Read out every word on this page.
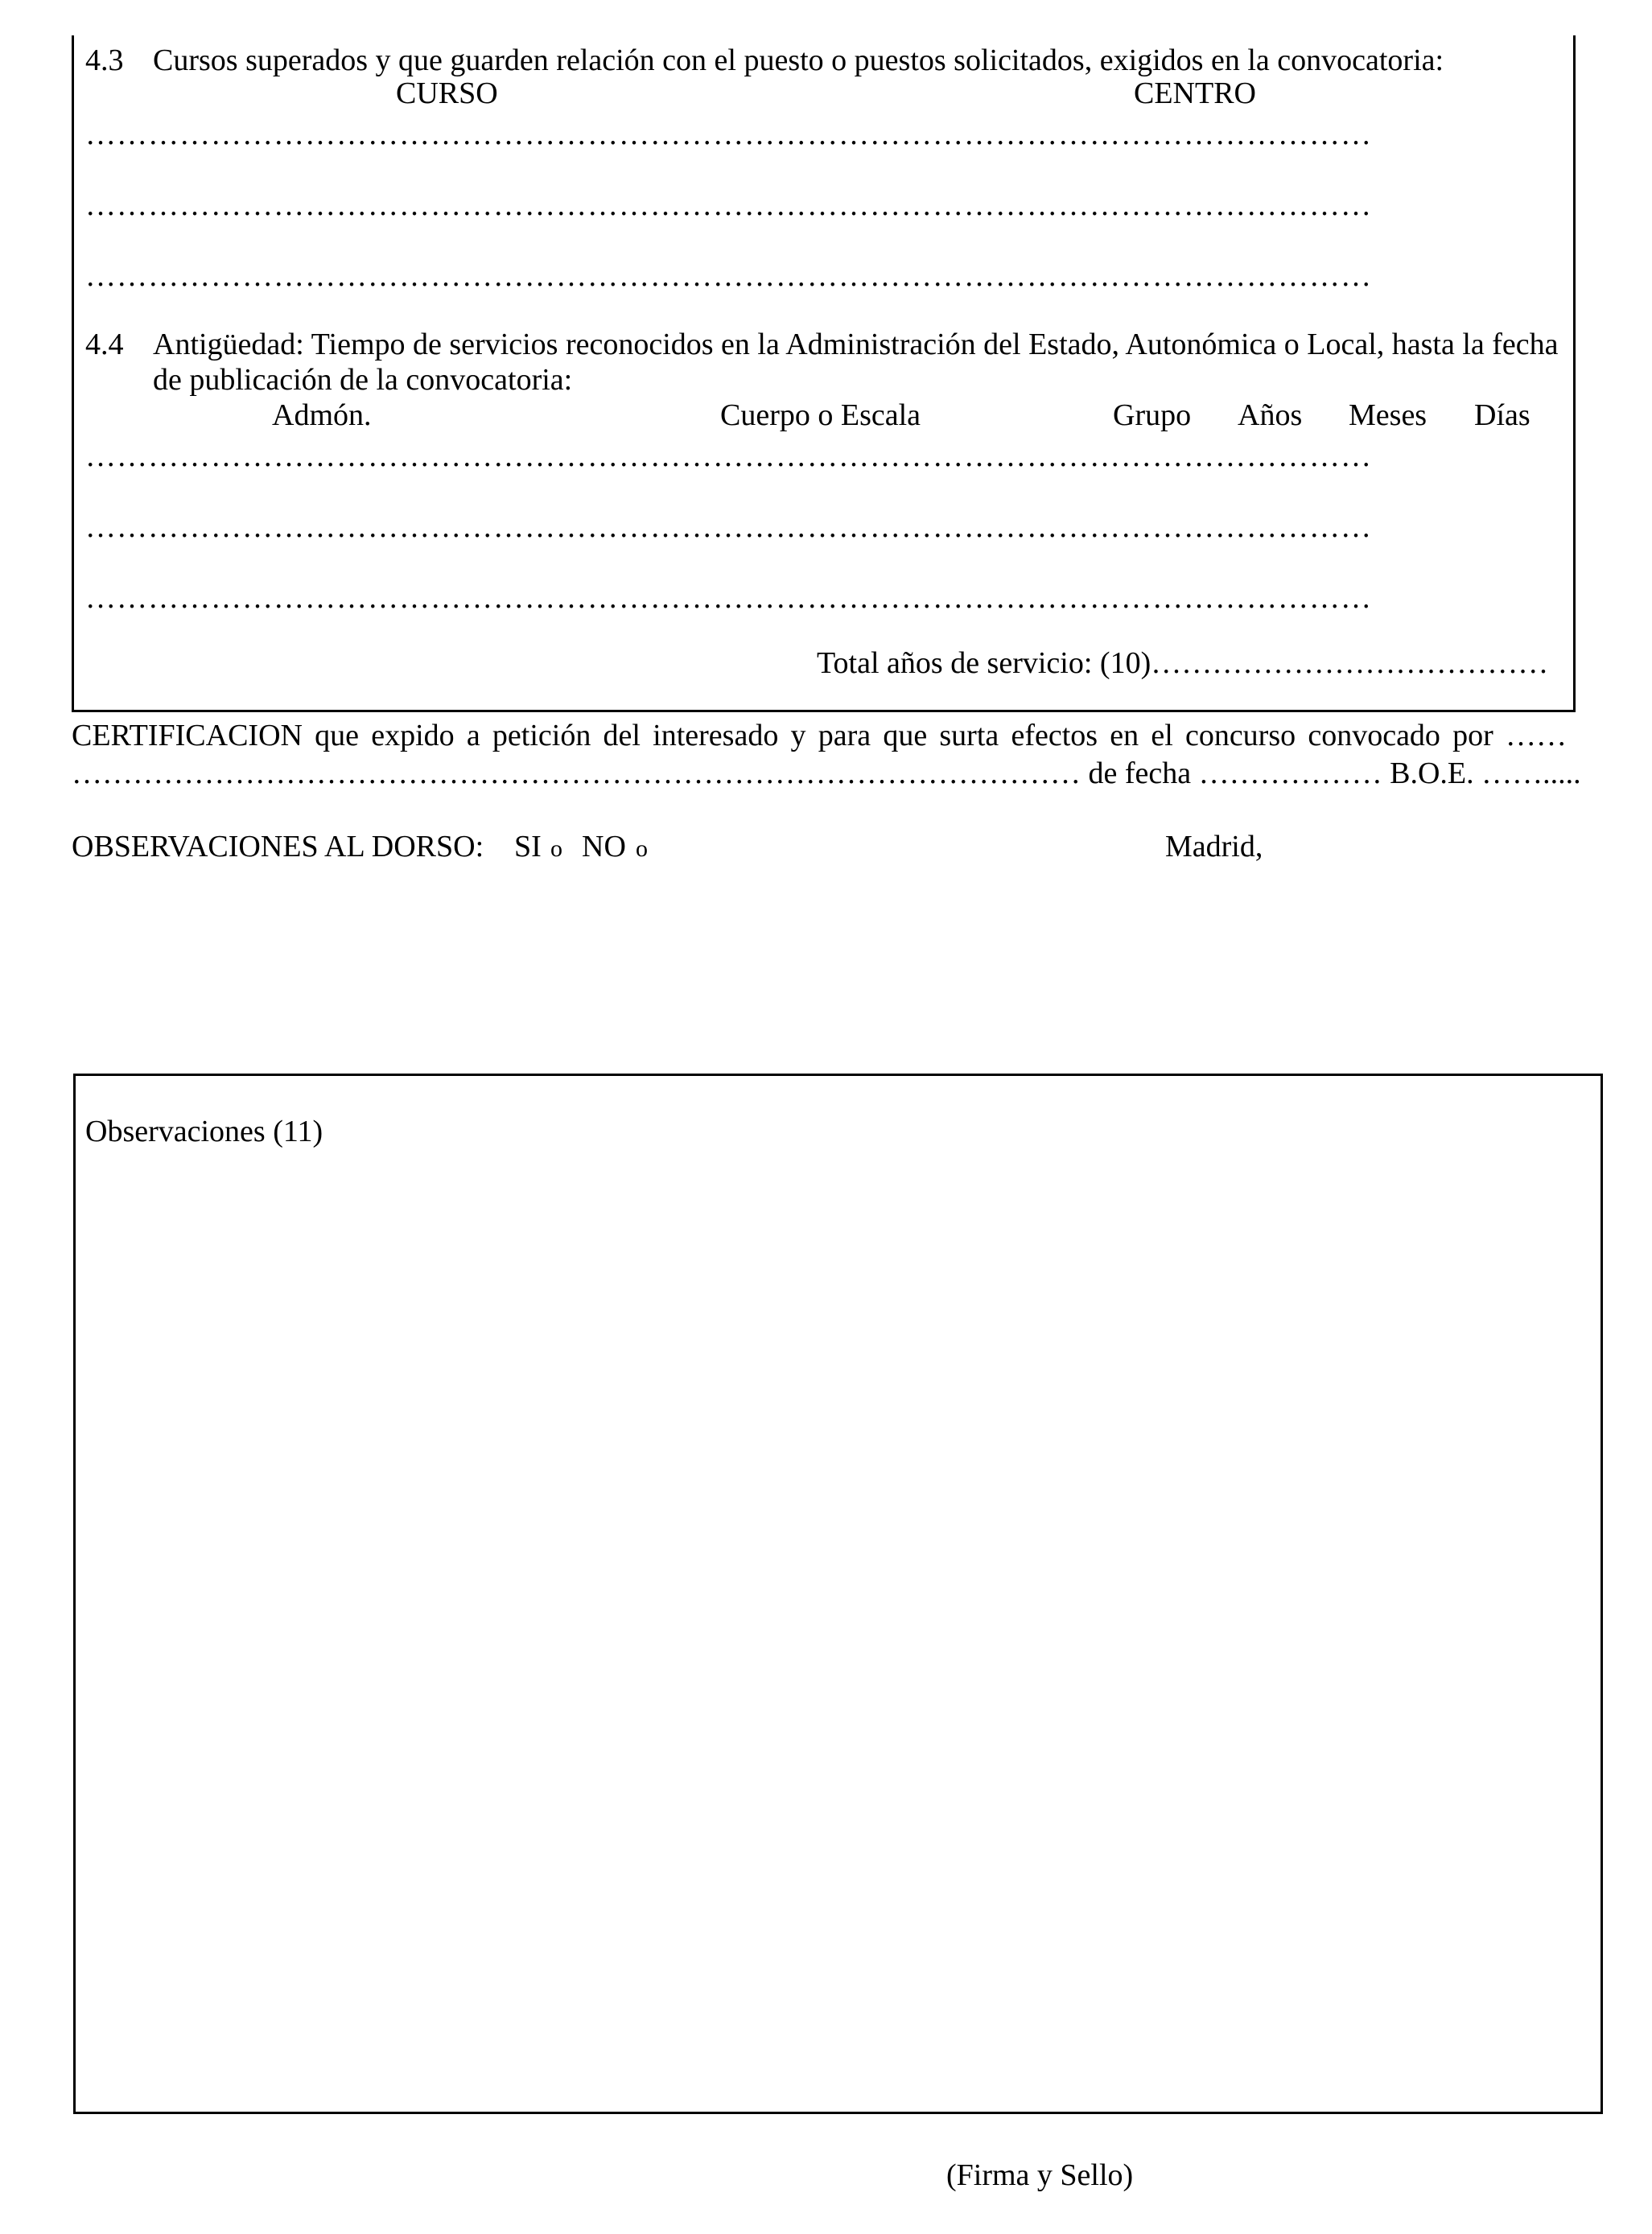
4.3 Cursos superados y que guarden relación con el puesto o puestos solicitados, exigidos en la convocatoria:
CURSO	CENTRO
……………………………………………………………………………………………………………
……………………………………………………………………………………………………………
……………………………………………………………………………………………………………
4.4 Antigüedad: Tiempo de servicios reconocidos en la Administración del Estado, Autonómica o Local, hasta la fecha
de publicación de la convocatoria:
Admón.	Cuerpo o Escala	Grupo Años Meses Días
……………………………………………………………………………………………………………
……………………………………………………………………………………………………………
……………………………………………………………………………………………………………
Total años de servicio: (10)…………………………………
CERTIFICACION que expido a petición del interesado y para que surta efectos en el concurso convocado por ……
……………………………………………………………………………………… de fecha ……………… B.O.E. …….....
OBSERVACIONES AL DORSO: SI o NO o	Madrid,
Observaciones (11)
(Firma y Sello)
